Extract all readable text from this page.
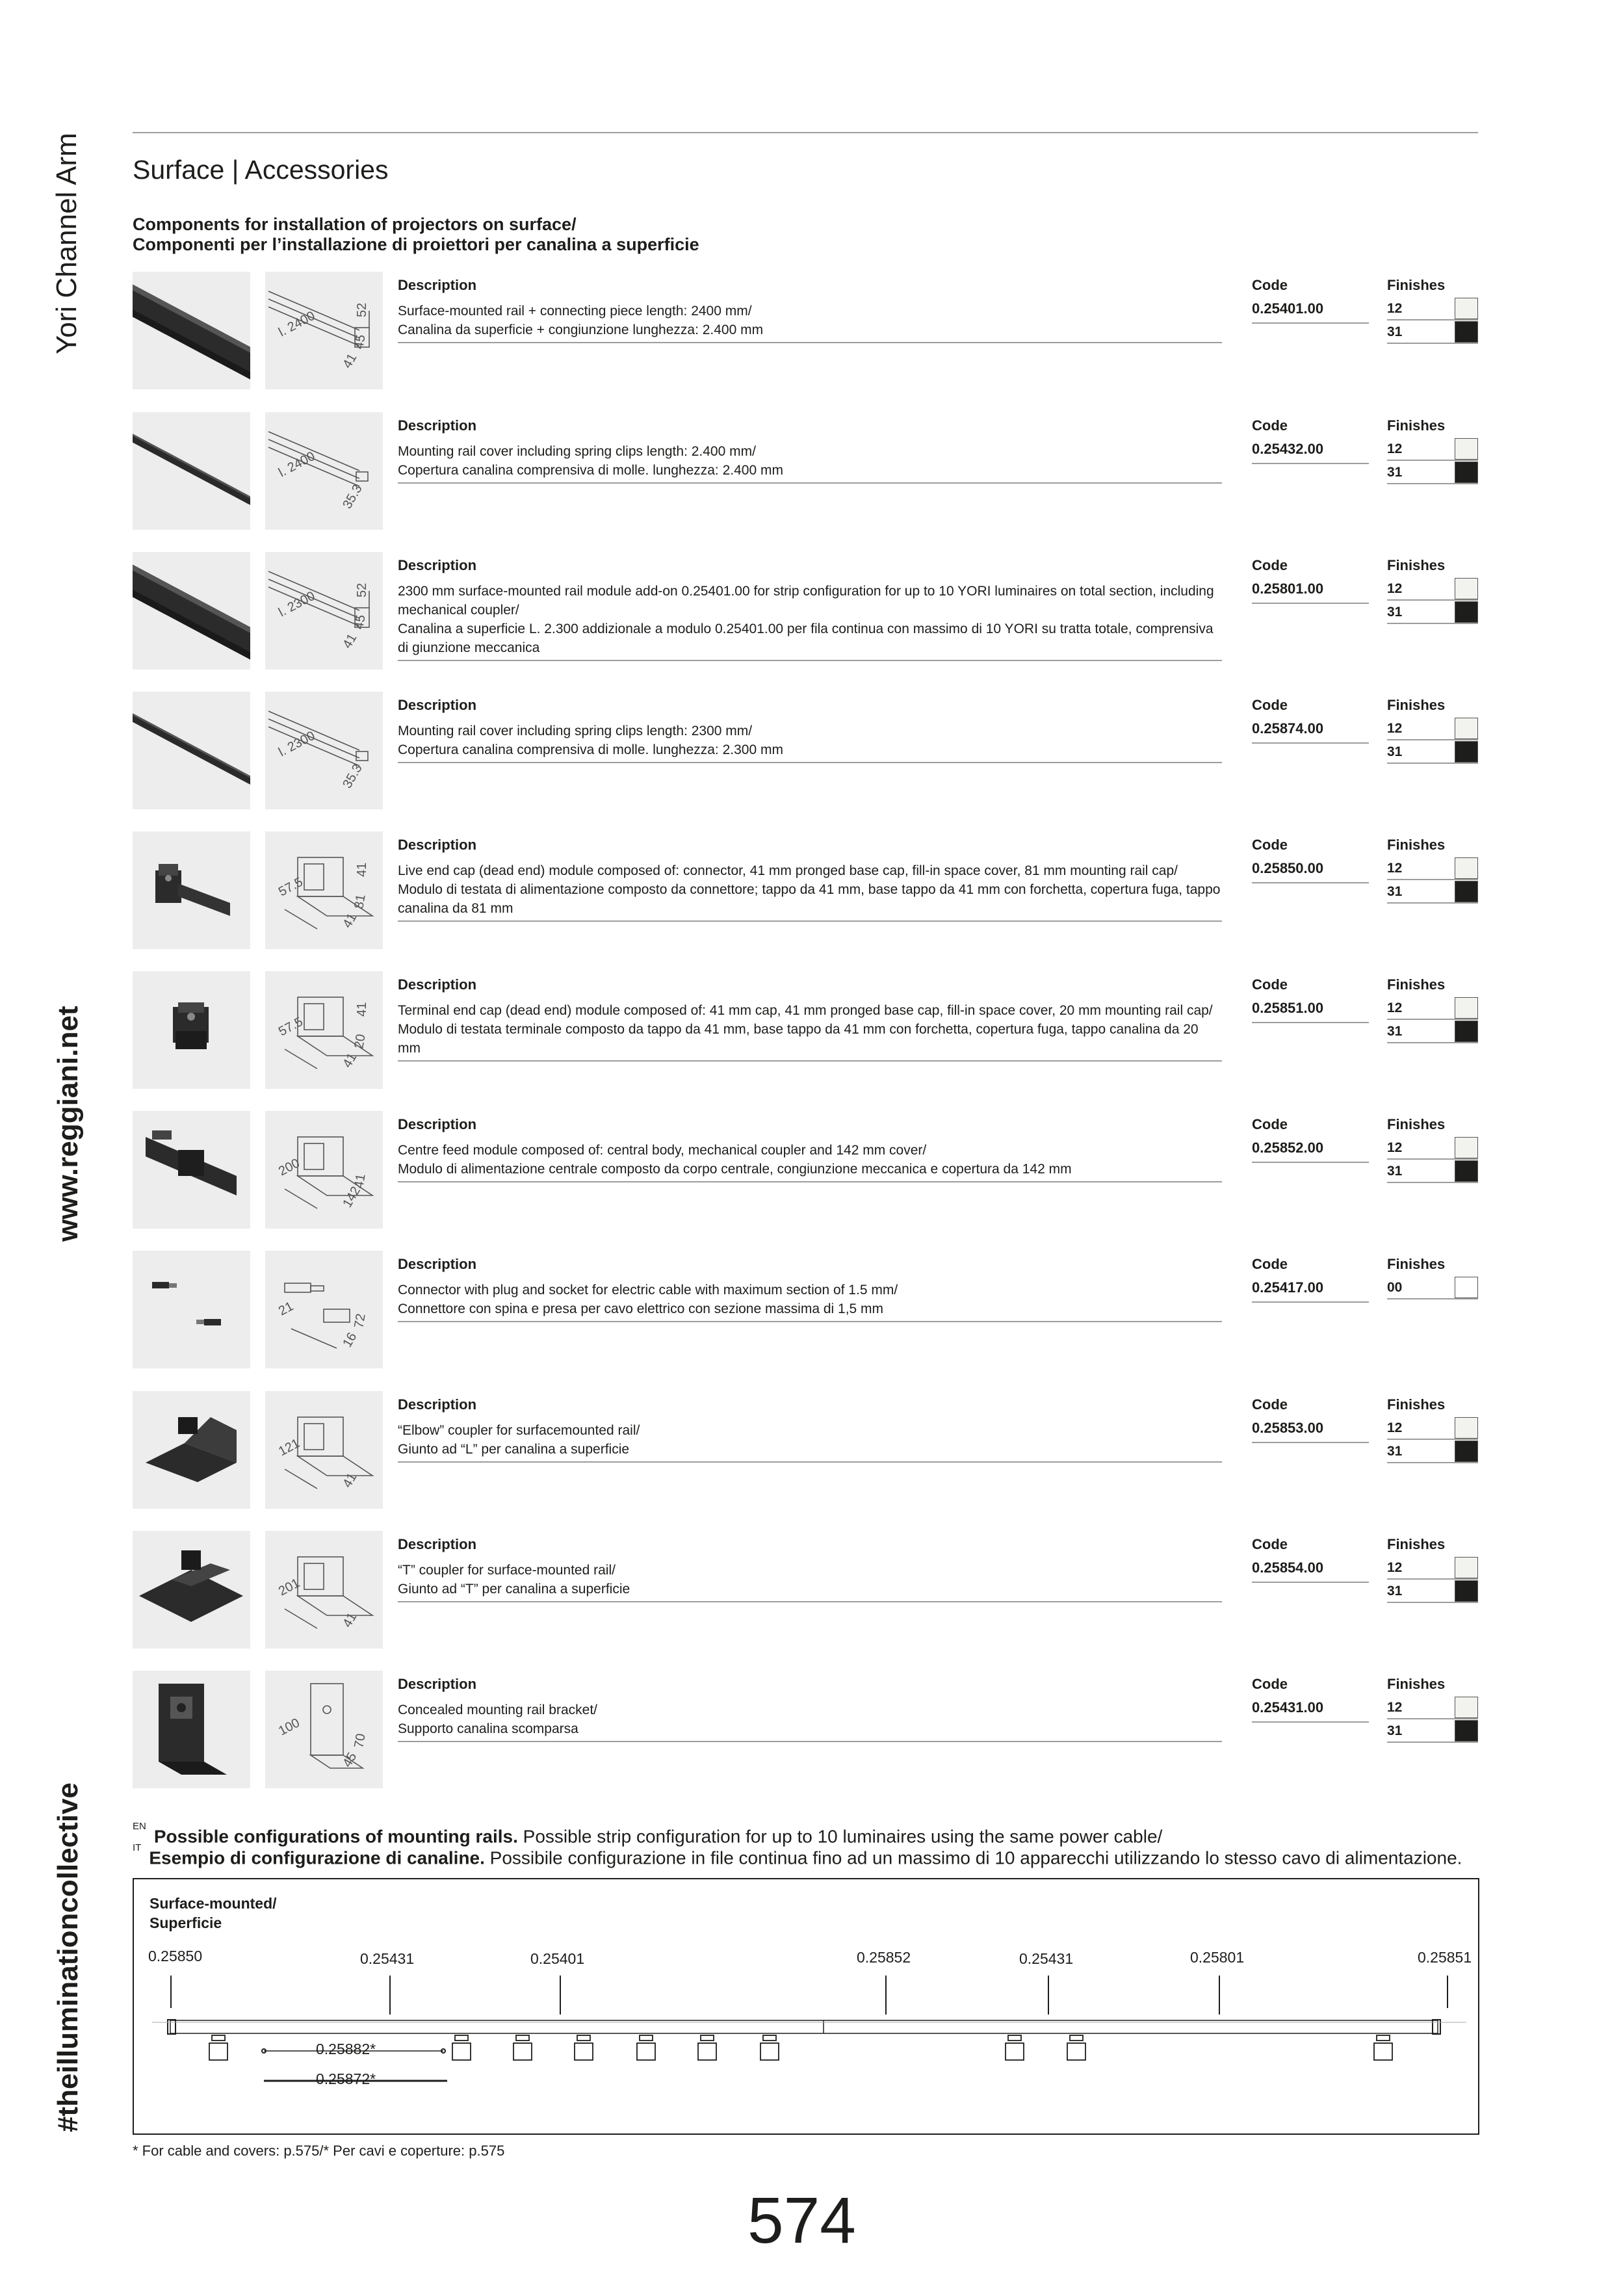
Yori Channel Arm
www.reggiani.net
#theilluminationcollective
Surface | Accessories
Components for installation of projectors on surface/
Componenti per l’installazione di proiettori per canalina a superficie
l. 2400
41
45
52
Description
Surface-mounted rail + connecting piece length: 2400 mm/
Canalina da superficie + congiunzione lunghezza: 2.400 mm
Code
0.25401.00
Finishes
12
31
l. 2400
35.3
Description
Mounting rail cover including spring clips length: 2.400 mm/
Copertura canalina comprensiva di molle. lunghezza: 2.400 mm
Code
0.25432.00
Finishes
12
31
l. 2300
41
45
52
Description
2300 mm surface-mounted rail module add-on 0.25401.00 for strip configuration for up to 10 YORI luminaires on total section, including mechanical coupler/
Canalina a superficie L. 2.300 addizionale a modulo 0.25401.00 per fila continua con massimo di 10 YORI su tratta totale, comprensiva di giunzione meccanica
Code
0.25801.00
Finishes
12
31
l. 2300
35.3
Description
Mounting rail cover including spring clips length: 2300 mm/
Copertura canalina comprensiva di molle. lunghezza: 2.300 mm
Code
0.25874.00
Finishes
12
31
57.5
41
81
41
Description
Live end cap (dead end) module composed of: connector, 41 mm pronged base cap, fill-in space cover, 81 mm mounting rail cap/
Modulo di testata di alimentazione composto da connettore; tappo da 41 mm, base tappo da 41 mm con forchetta, copertura fuga, tappo canalina da 81 mm
Code
0.25850.00
Finishes
12
31
57.5
41
20
41
Description
Terminal end cap (dead end) module composed of: 41 mm cap, 41 mm pronged base cap, fill-in space cover, 20 mm mounting rail cap/
Modulo di testata terminale composto da tappo da 41 mm, base tappo da 41 mm con forchetta, copertura fuga, tappo canalina da 20 mm
Code
0.25851.00
Finishes
12
31
200
142
41
Description
Centre feed module composed of: central body, mechanical coupler and 142 mm cover/
Modulo di alimentazione centrale composto da corpo centrale, congiunzione meccanica e copertura da 142 mm
Code
0.25852.00
Finishes
12
31
21
16
72
Description
Connector with plug and socket for electric cable with maximum section of 1.5 mm/
Connettore con spina e presa per cavo elettrico con sezione massima di 1,5 mm
Code
0.25417.00
Finishes
00
121
41
Description
“Elbow” coupler for surfacemounted rail/
Giunto ad “L” per canalina a superficie
Code
0.25853.00
Finishes
12
31
201
41
Description
“T” coupler for surface-mounted rail/
Giunto ad “T” per canalina a superficie
Code
0.25854.00
Finishes
12
31
100
45
70
Description
Concealed mounting rail bracket/
Supporto canalina scomparsa
Code
0.25431.00
Finishes
12
31
$^{EN}$ Possible configurations of mounting rails. Possible strip configuration for up to 10 luminaires using the same power cable/
$^{IT}$ Esempio di configurazione di canaline. Possibile configurazione in file continua fino ad un massimo di 10 apparecchi utilizzando lo stesso cavo di alimentazione.
Surface-mounted/
Superficie
0.25850	0.25431	0.25401	0.25852	0.25431	0.25801	0.25851
0.25882*
0.25872*
* For cable and covers: p.575/* Per cavi e coperture: p.575
574
